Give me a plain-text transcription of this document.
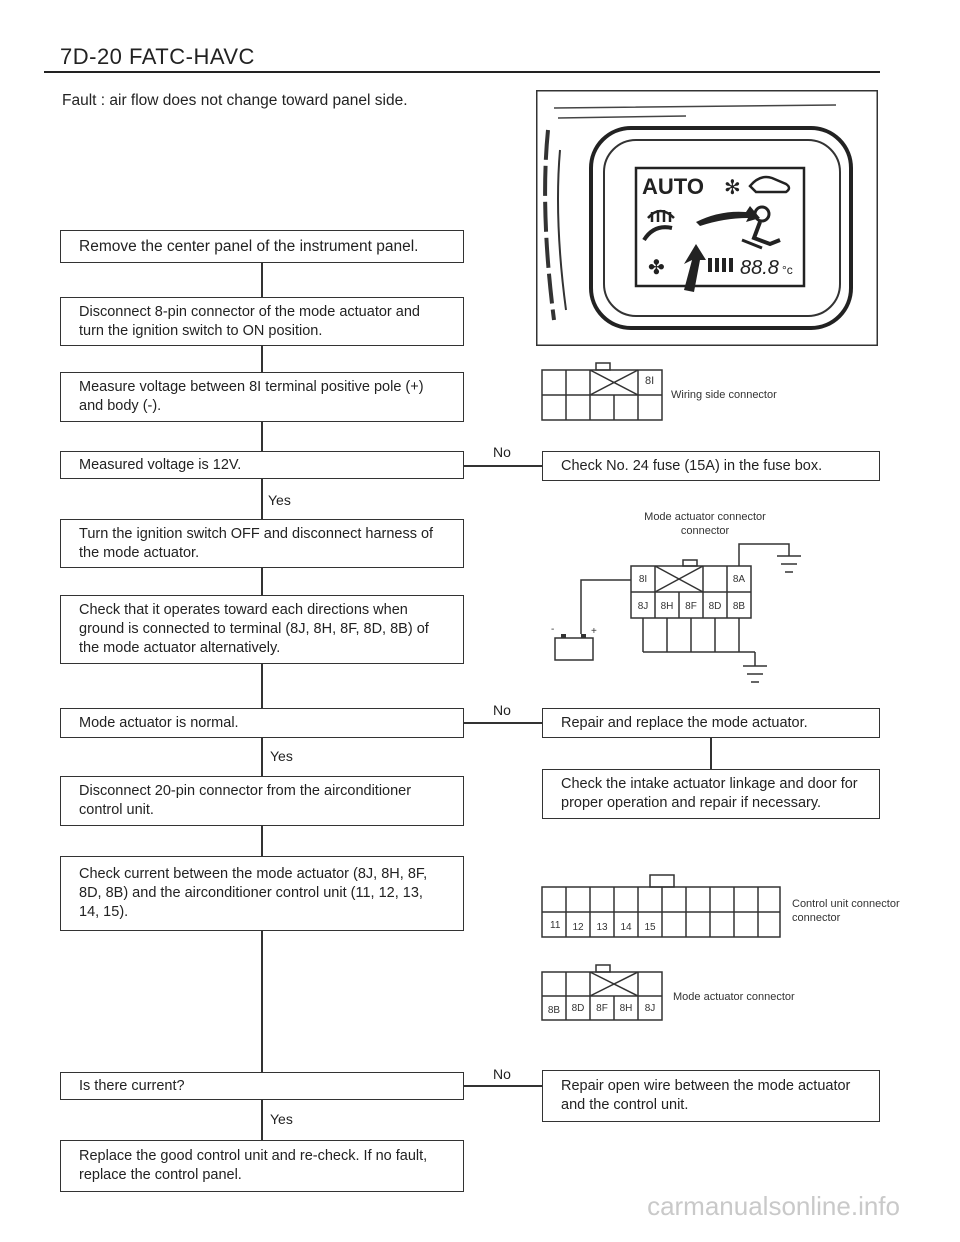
7D-20 FATC-HAVC
Fault : air flow does not change toward panel side.
AUTO ✻
✤	88.8 °c
Remove the center panel of the instrument panel.
Disconnect 8-pin connector of the mode actuator and turn the ignition switch to ON position.
Measure voltage between 8I terminal positive pole (+) and body (-).
Measured voltage is 12V.
Turn the ignition switch OFF and disconnect harness of the mode actuator.
Check that it operates toward each directions when ground is connected to terminal (8J, 8H, 8F, 8D, 8B) of the mode actuator alternatively.
Mode actuator is normal.
Disconnect 20-pin connector from the airconditioner control unit.
Check current between the mode actuator (8J, 8H, 8F, 8D, 8B) and the airconditioner control unit (11, 12, 13, 14, 15).
Is there current?
Replace the good control unit and re-check. If no fault, replace the control panel.
Check No. 24 fuse (15A) in the fuse box.
Repair and replace the mode actuator.
Check the intake actuator linkage and door for proper operation and repair if necessary.
Repair open wire between the mode actuator and the control unit.
No
No
No
Yes
Yes
Yes
8I
Wiring side connector
Mode actuator connector
connector
8I	8A
8J 8H 8F 8D 8B
-	+
11 12 13 14 15
Control unit connector
connector
8B 8D 8F 8H 8J
Mode actuator connector
carmanualsonline.info
